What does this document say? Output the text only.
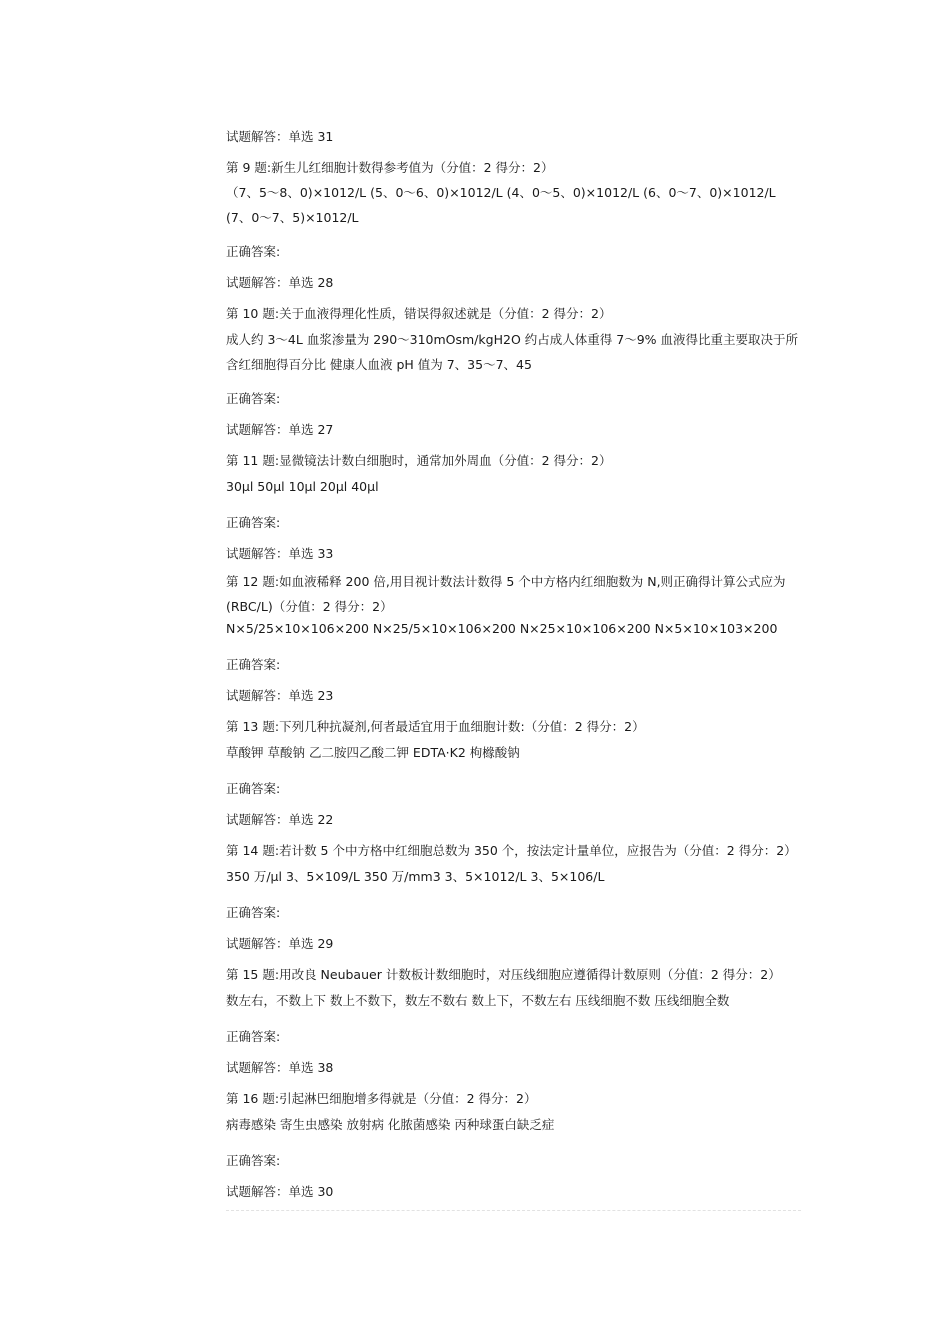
试题解答：单选 31
第 9 题:新生儿红细胞计数得参考值为（分值：2 得分：2）
（7、5～8、0)×1012/L (5、0～6、0)×1012/L (4、0～5、0)×1012/L (6、0～7、0)×1012/L (7、0～7、5)×1012/L
正确答案:
试题解答：单选 28
第 10 题:关于血液得理化性质，错误得叙述就是（分值：2 得分：2）
成人约 3～4L 血浆渗量为 290～310mOsm/kgH2O 约占成人体重得 7～9% 血液得比重主要取决于所含红细胞得百分比 健康人血液 pH 值为 7、35～7、45
正确答案:
试题解答：单选 27
第 11 题:显微镜法计数白细胞时，通常加外周血（分值：2 得分：2）
30μl 50μl 10μl 20μl 40μl
正确答案:
试题解答：单选 33
第 12 题:如血液稀释 200 倍,用目视计数法计数得 5 个中方格内红细胞数为 N,则正确得计算公式应为(RBC/L)（分值：2 得分：2）
N×5/25×10×106×200 N×25/5×10×106×200 N×25×10×106×200 N×5×10×103×200
正确答案:
试题解答：单选 23
第 13 题:下列几种抗凝剂,何者最适宜用于血细胞计数:（分值：2 得分：2）
草酸钾 草酸钠 乙二胺四乙酸二钾 EDTA·K2 枸橼酸钠
正确答案:
试题解答：单选 22
第 14 题:若计数 5 个中方格中红细胞总数为 350 个，按法定计量单位，应报告为（分值：2 得分：2）
350 万/μl 3、5×109/L 350 万/mm3 3、5×1012/L 3、5×106/L
正确答案:
试题解答：单选 29
第 15 题:用改良 Neubauer 计数板计数细胞时，对压线细胞应遵循得计数原则（分值：2 得分：2）
数左右，不数上下 数上不数下，数左不数右 数上下，不数左右 压线细胞不数 压线细胞全数
正确答案:
试题解答：单选 38
第 16 题:引起淋巴细胞增多得就是（分值：2 得分：2）
病毒感染 寄生虫感染 放射病 化脓菌感染 丙种球蛋白缺乏症
正确答案:
试题解答：单选 30
